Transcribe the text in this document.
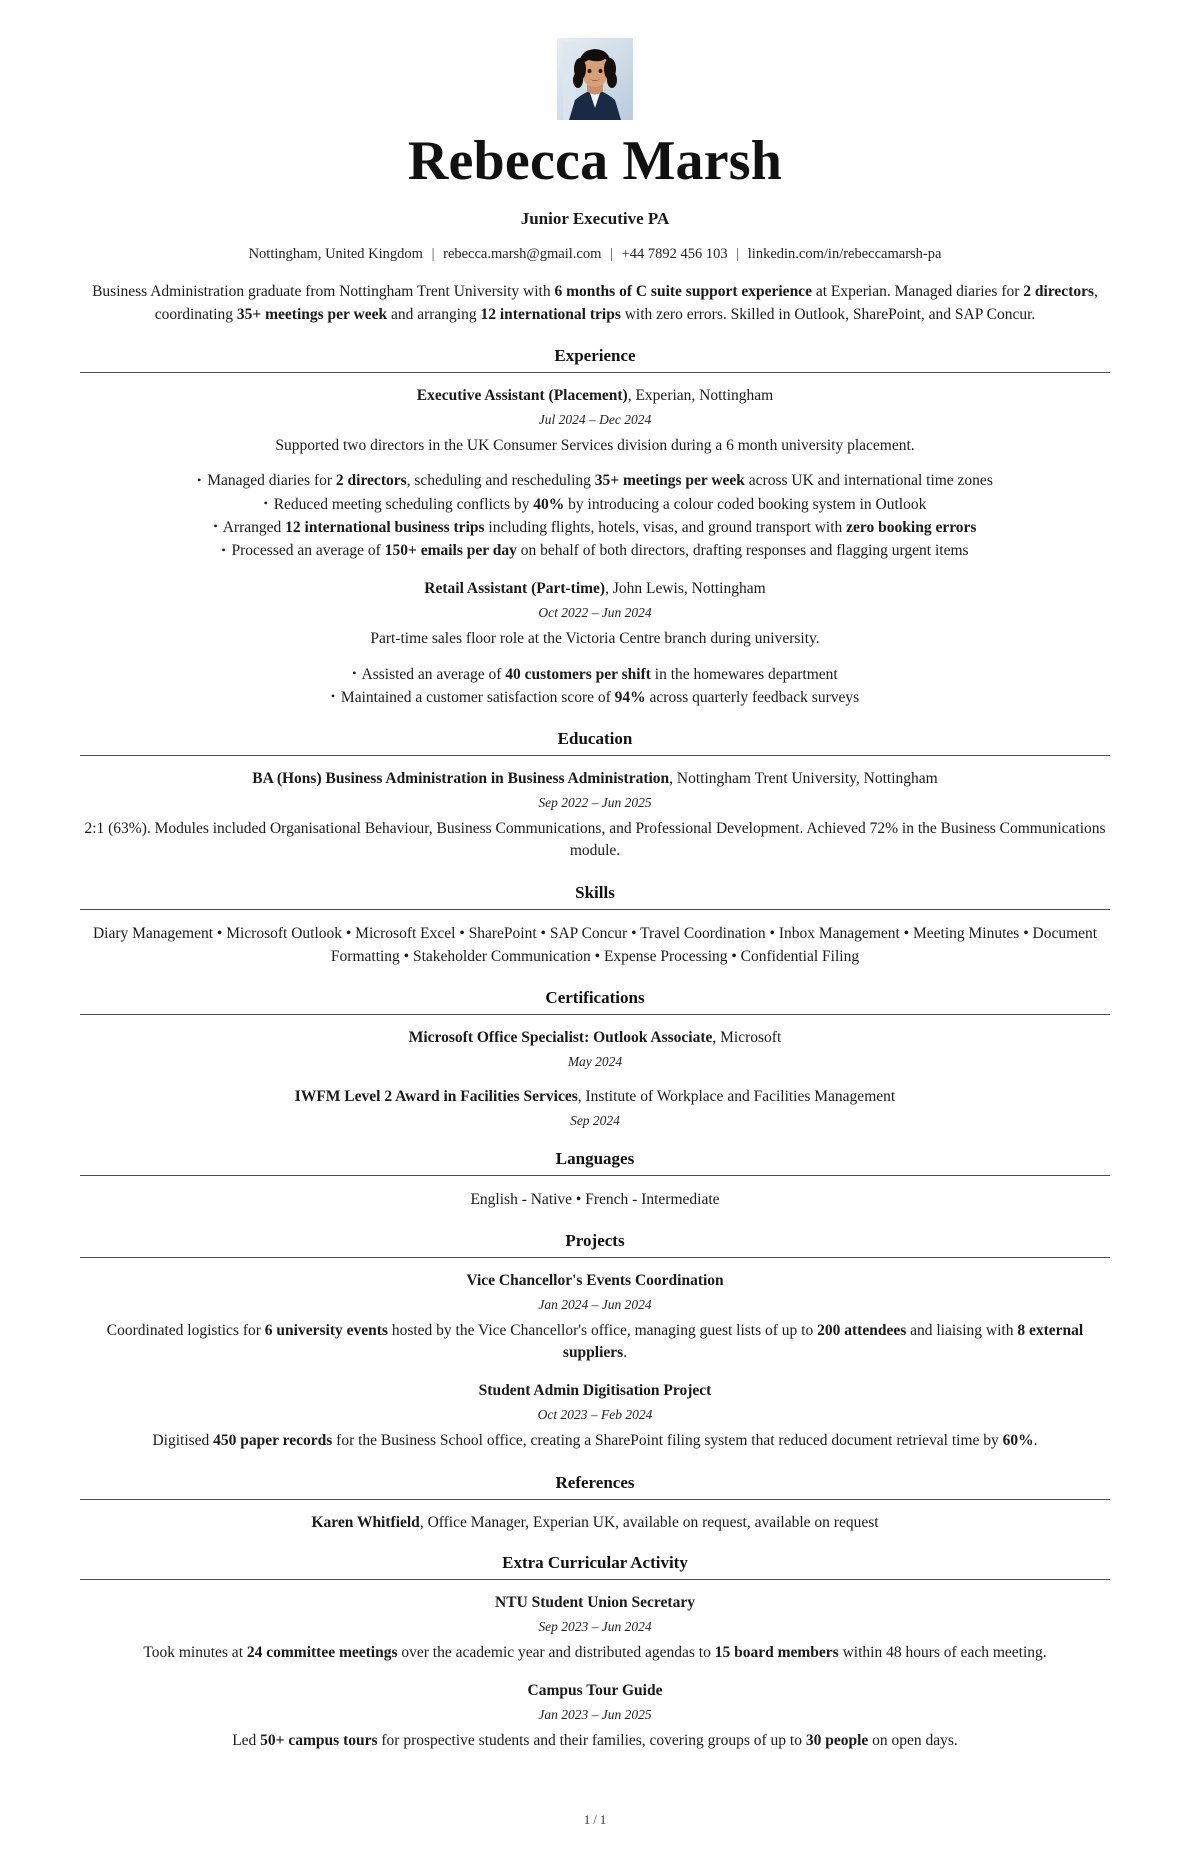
Rebecca Marsh
Junior Executive PA
Nottingham, United Kingdom | rebecca.marsh@gmail.com | +44 7892 456 103 | linkedin.com/in/rebeccamarsh-pa
Business Administration graduate from Nottingham Trent University with 6 months of C suite support experience at Experian. Managed diaries for 2 directors, coordinating 35+ meetings per week and arranging 12 international trips with zero errors. Skilled in Outlook, SharePoint, and SAP Concur.
Experience
Executive Assistant (Placement), Experian, Nottingham
Jul 2024 – Dec 2024
Supported two directors in the UK Consumer Services division during a 6 month university placement.
• Managed diaries for 2 directors, scheduling and rescheduling 35+ meetings per week across UK and international time zones
• Reduced meeting scheduling conflicts by 40% by introducing a colour coded booking system in Outlook
• Arranged 12 international business trips including flights, hotels, visas, and ground transport with zero booking errors
• Processed an average of 150+ emails per day on behalf of both directors, drafting responses and flagging urgent items
Retail Assistant (Part-time), John Lewis, Nottingham
Oct 2022 – Jun 2024
Part-time sales floor role at the Victoria Centre branch during university.
• Assisted an average of 40 customers per shift in the homewares department
• Maintained a customer satisfaction score of 94% across quarterly feedback surveys
Education
BA (Hons) Business Administration in Business Administration, Nottingham Trent University, Nottingham
Sep 2022 – Jun 2025
2:1 (63%). Modules included Organisational Behaviour, Business Communications, and Professional Development. Achieved 72% in the Business Communications module.
Skills
Diary Management • Microsoft Outlook • Microsoft Excel • SharePoint • SAP Concur • Travel Coordination • Inbox Management • Meeting Minutes • Document Formatting • Stakeholder Communication • Expense Processing • Confidential Filing
Certifications
Microsoft Office Specialist: Outlook Associate, Microsoft
May 2024
IWFM Level 2 Award in Facilities Services, Institute of Workplace and Facilities Management
Sep 2024
Languages
English - Native • French - Intermediate
Projects
Vice Chancellor's Events Coordination
Jan 2024 – Jun 2024
Coordinated logistics for 6 university events hosted by the Vice Chancellor's office, managing guest lists of up to 200 attendees and liaising with 8 external suppliers.
Student Admin Digitisation Project
Oct 2023 – Feb 2024
Digitised 450 paper records for the Business School office, creating a SharePoint filing system that reduced document retrieval time by 60%.
References
Karen Whitfield, Office Manager, Experian UK, available on request, available on request
Extra Curricular Activity
NTU Student Union Secretary
Sep 2023 – Jun 2024
Took minutes at 24 committee meetings over the academic year and distributed agendas to 15 board members within 48 hours of each meeting.
Campus Tour Guide
Jan 2023 – Jun 2025
Led 50+ campus tours for prospective students and their families, covering groups of up to 30 people on open days.
1 / 1
